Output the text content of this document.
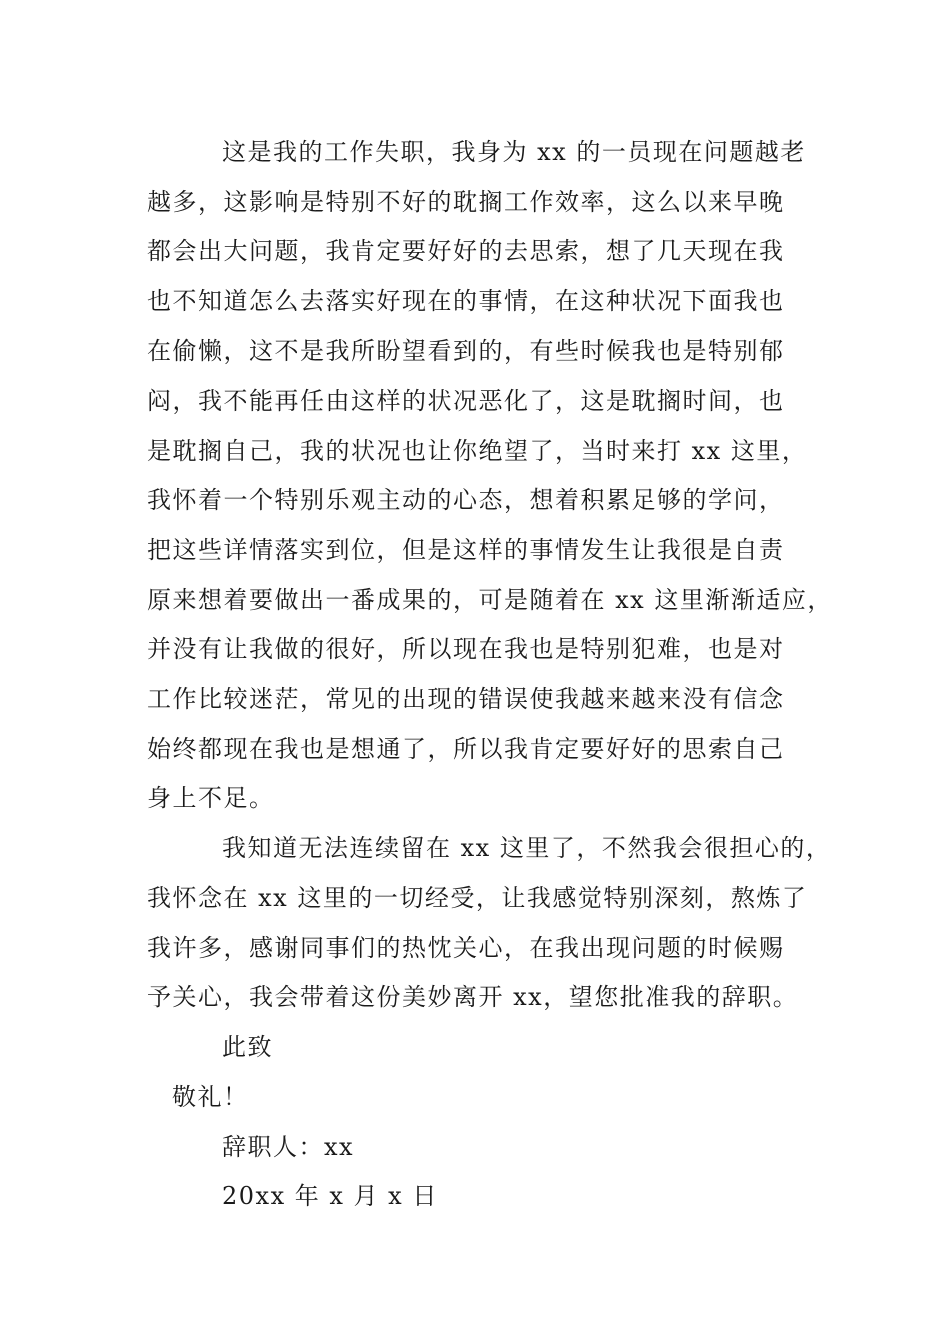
这是我的工作失职，我身为 xx 的一员现在问题越老
越多，这影响是特别不好的耽搁工作效率，这么以来早晚
都会出大问题，我肯定要好好的去思索，想了几天现在我
也不知道怎么去落实好现在的事情，在这种状况下面我也
在偷懒，这不是我所盼望看到的，有些时候我也是特别郁
闷，我不能再任由这样的状况恶化了，这是耽搁时间，也
是耽搁自己，我的状况也让你绝望了，当时来打 xx 这里，
我怀着一个特别乐观主动的心态，想着积累足够的学问，
把这些详情落实到位，但是这样的事情发生让我很是自责
原来想着要做出一番成果的，可是随着在 xx 这里渐渐适应，
并没有让我做的很好，所以现在我也是特别犯难，也是对
工作比较迷茫，常见的出现的错误使我越来越来没有信念
始终都现在我也是想通了，所以我肯定要好好的思索自己
身上不足。
我知道无法连续留在 xx 这里了，不然我会很担心的，
我怀念在 xx 这里的一切经受，让我感觉特别深刻，熬炼了
我许多，感谢同事们的热忱关心，在我出现问题的时候赐
予关心，我会带着这份美妙离开 xx，望您批准我的辞职。
此致
敬礼！
辞职人：xx
20xx 年 x 月 x 日
